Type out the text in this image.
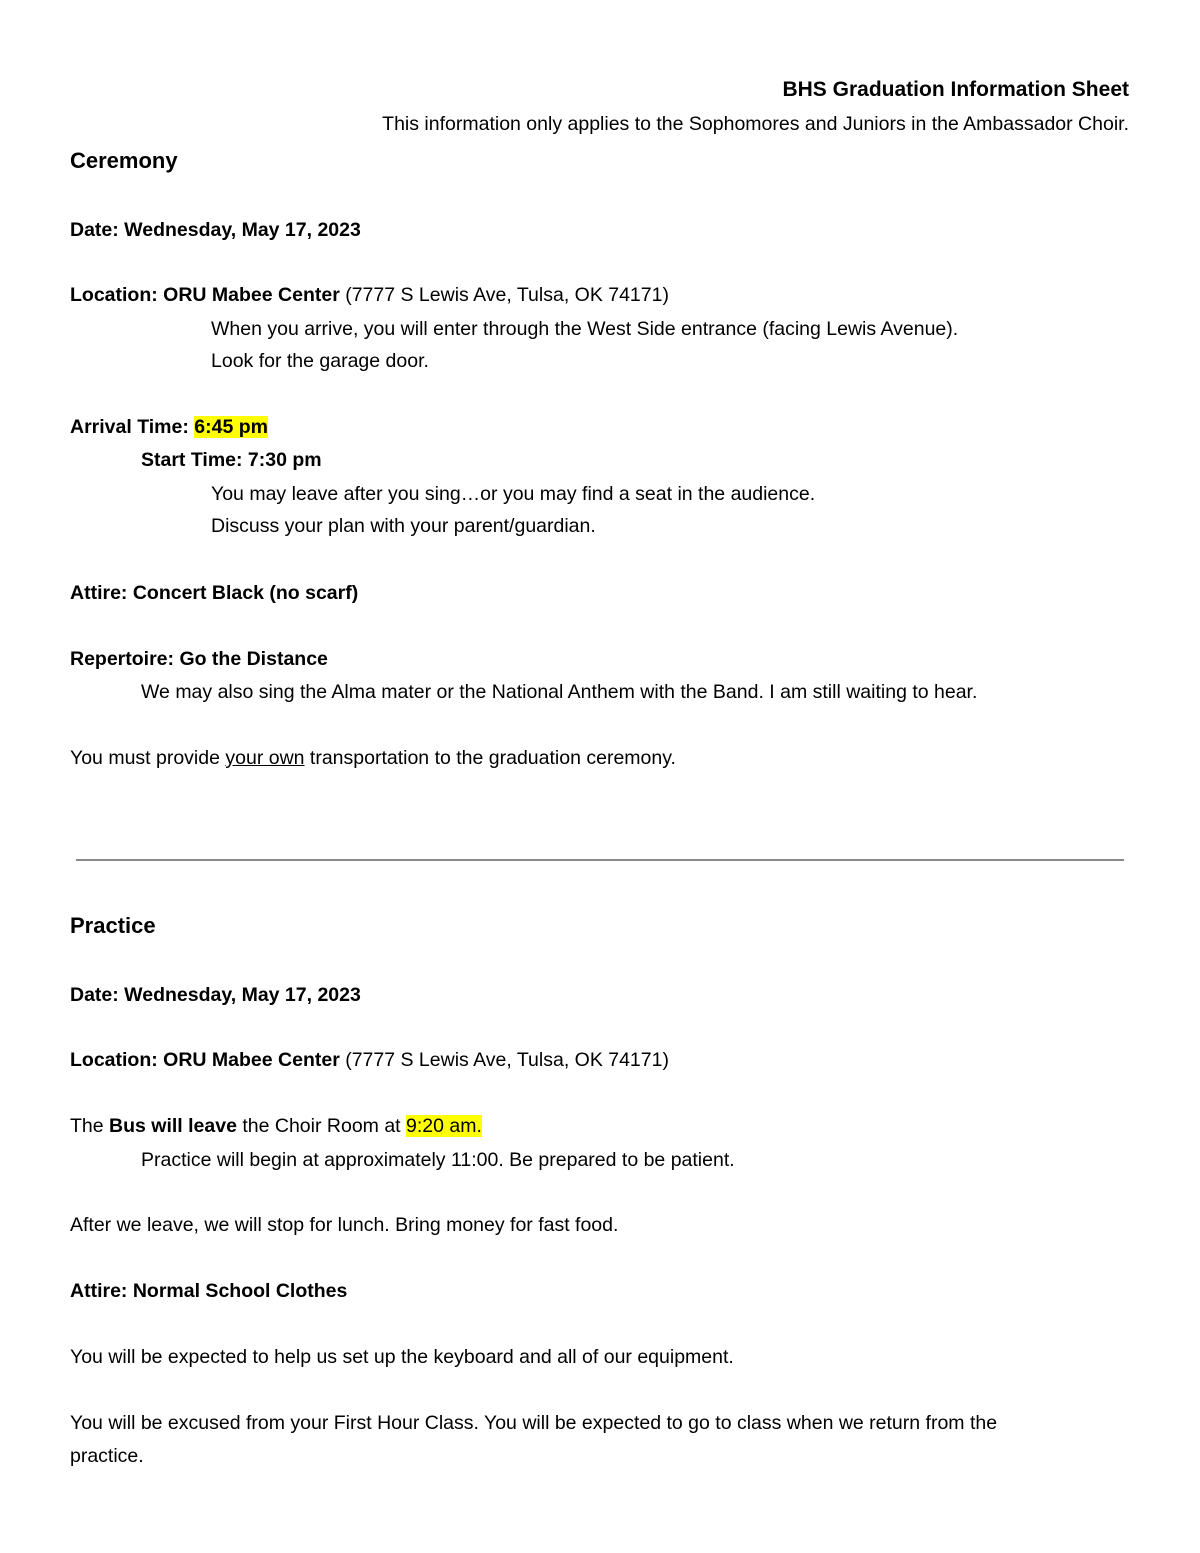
BHS Graduation Information Sheet
This information only applies to the Sophomores and Juniors in the Ambassador Choir.
Ceremony
Date: Wednesday, May 17, 2023
Location: ORU Mabee Center (7777 S Lewis Ave, Tulsa, OK 74171)
When you arrive, you will enter through the West Side entrance (facing Lewis Avenue).
Look for the garage door.
Arrival Time: 6:45 pm
Start Time: 7:30 pm
You may leave after you sing…or you may find a seat in the audience.
Discuss your plan with your parent/guardian.
Attire: Concert Black (no scarf)
Repertoire: Go the Distance
We may also sing the Alma mater or the National Anthem with the Band. I am still waiting to hear.
You must provide your own transportation to the graduation ceremony.
Practice
Date: Wednesday, May 17, 2023
Location: ORU Mabee Center (7777 S Lewis Ave, Tulsa, OK 74171)
The Bus will leave the Choir Room at 9:20 am.
Practice will begin at approximately 11:00. Be prepared to be patient.
After we leave, we will stop for lunch. Bring money for fast food.
Attire: Normal School Clothes
You will be expected to help us set up the keyboard and all of our equipment.
You will be excused from your First Hour Class. You will be expected to go to class when we return from the
practice.
